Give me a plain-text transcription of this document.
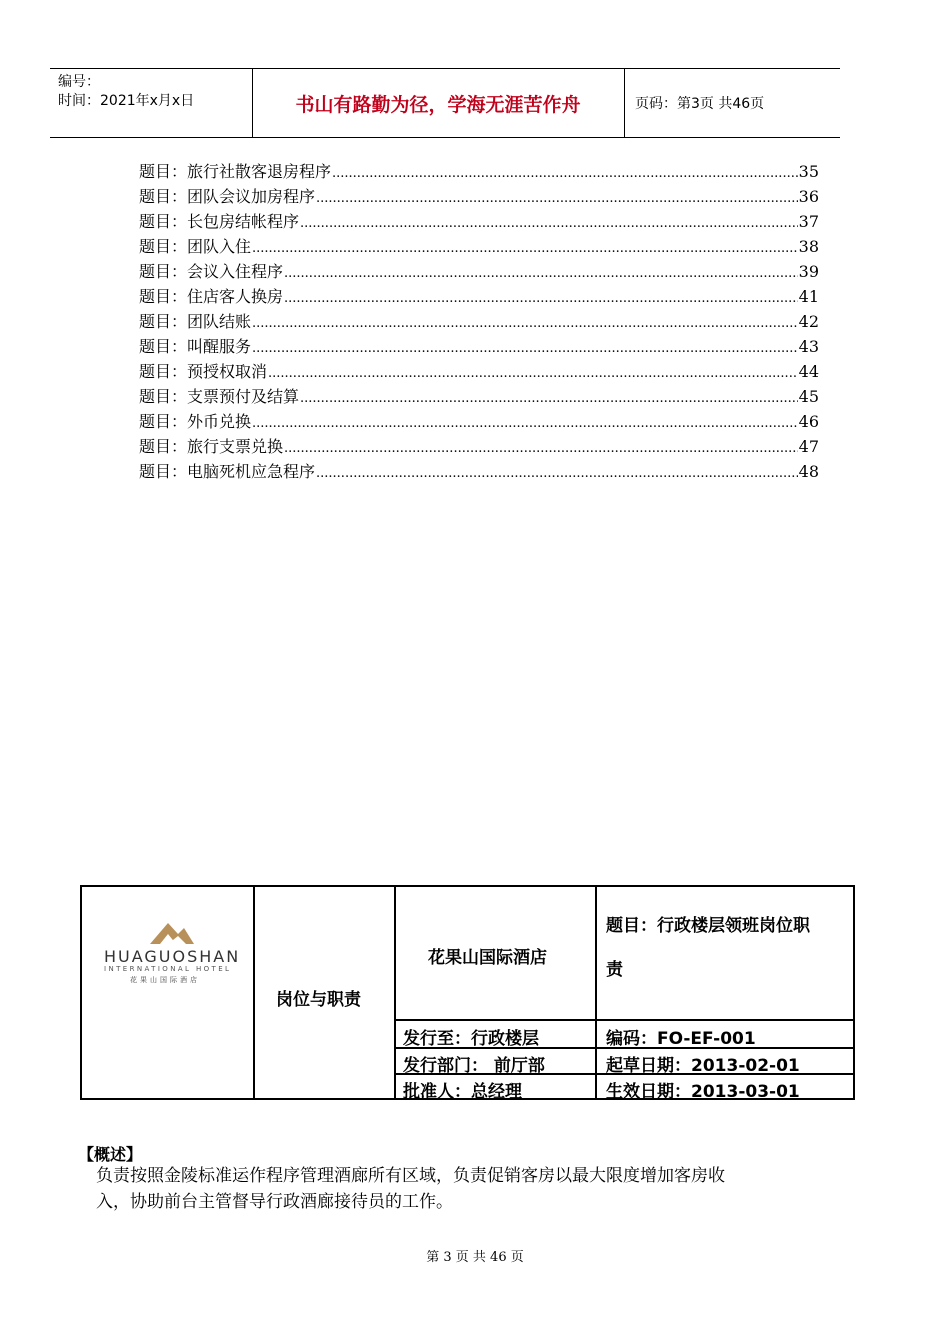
编号：
时间：2021年x月x日	书山有路勤为径，学海无涯苦作舟	页码：第3页 共46页
题目：旅行社散客退房程序 .....	35
题目：团队会议加房程序 .....	36
题目：长包房结帐程序 .....	37
题目：团队入住 .....	38
题目：会议入住程序 .....	39
题目：住店客人换房 .....	41
题目：团队结账 .....	42
题目：叫醒服务 .....	43
题目：预授权取消 .....	44
题目：支票预付及结算 .....	45
题目：外币兑换 .....	46
题目：旅行支票兑换 .....	47
题目：电脑死机应急程序 .....	48
HUAGUOSHAN
INTERNATIONAL HOTEL
花果山国际酒店
岗位与职责
花果山国际酒店
题目：行政楼层领班岗位职
责
发行至：行政楼层	编码：FO-EF-001
发行部门： 前厅部	起草日期：2013-02-01
批准人：总经理	生效日期：2013-03-01
【概述】

负责按照金陵标准运作程序管理酒廊所有区域，负责促销客房以最大限度增加客房收

入，协助前台主管督导行政酒廊接待员的工作。

第 3 页 共 46 页
